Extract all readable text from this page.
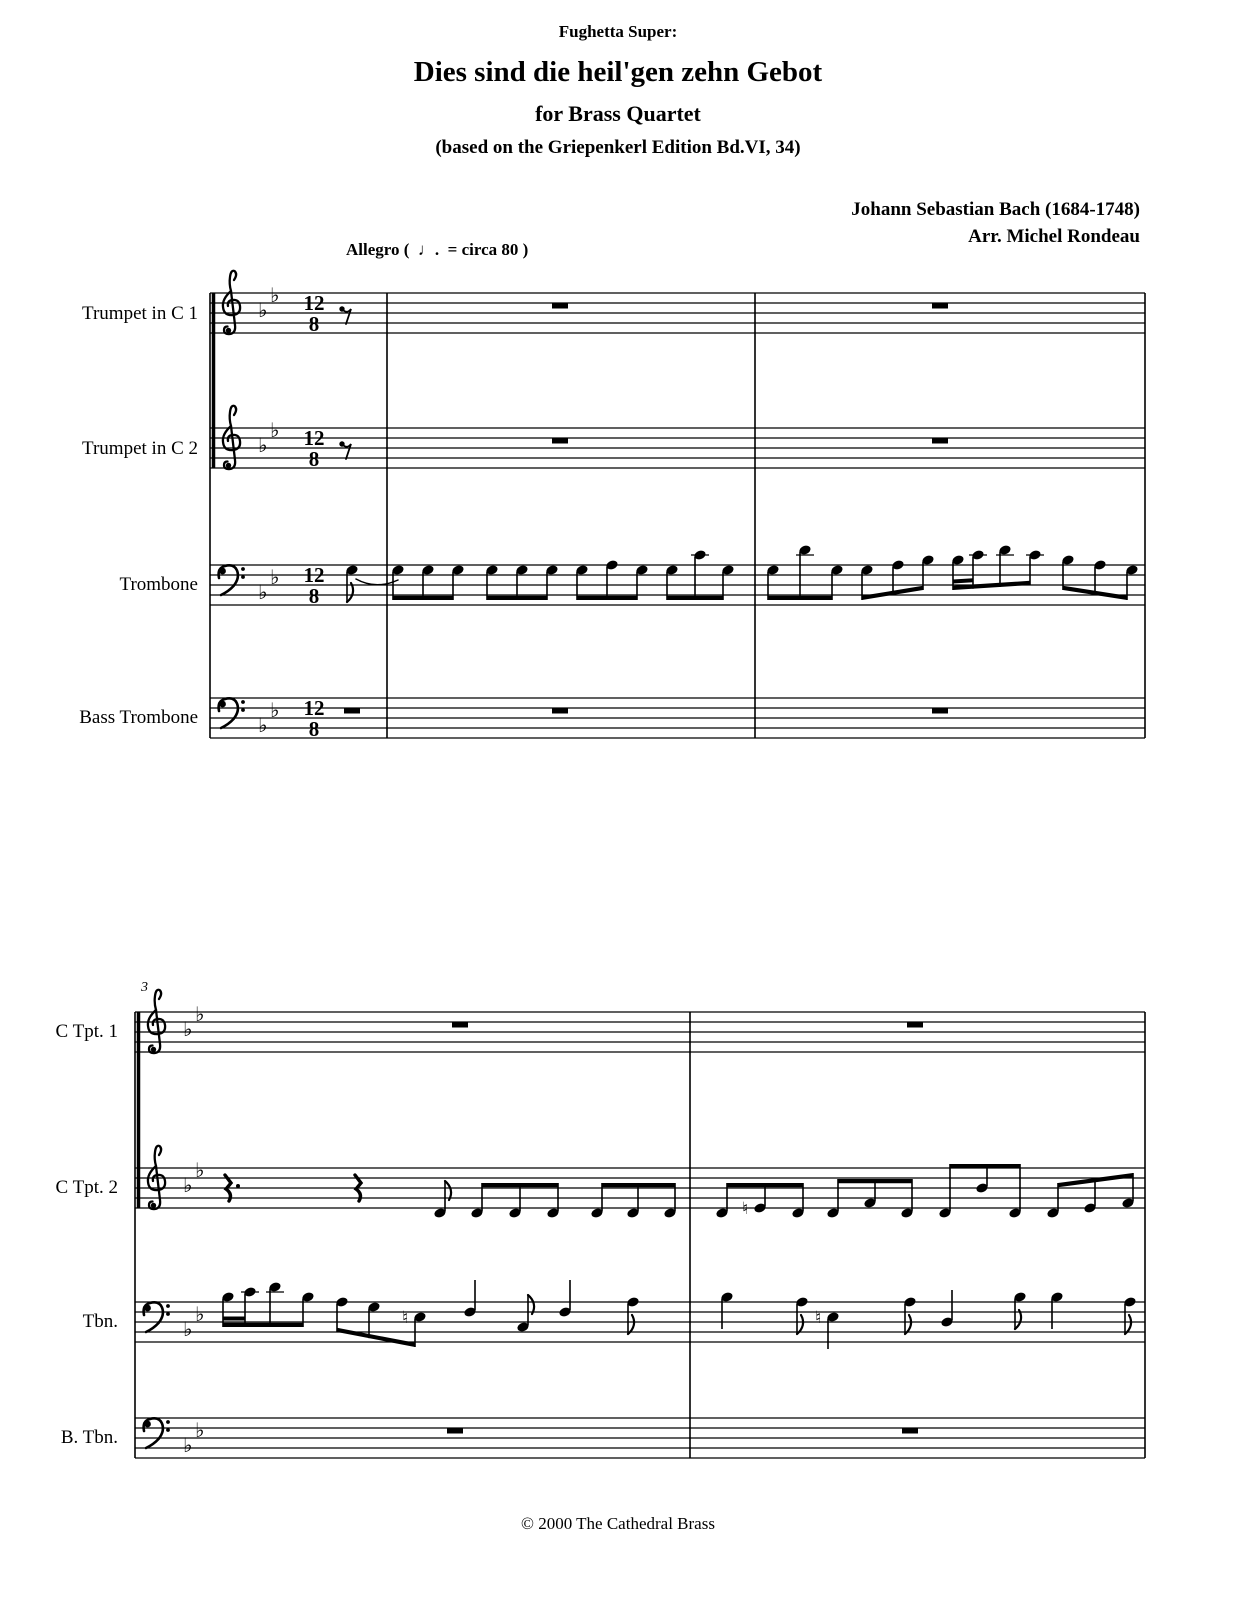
Fughetta Super:
Dies sind die heil'gen zehn Gebot
for Brass Quartet
(based on the Griepenkerl Edition Bd.VI, 34)
Johann Sebastian Bach (1684-1748)
Arr. Michel Rondeau
Allegro (  ♩.  = circa 80 )
3
Trumpet in C 1
Trumpet in C 2
Trombone
Bass Trombone
C Tpt. 1
C Tpt. 2
Tbn.
B. Tbn.
♭
♭ 12
8
♭
♭ 12
8
♭
♭ 12
8
♭
♭ 12
8
♭
♭
♭
♭
♮
♭
♭	♮	♮
♭
♭
© 2000 The Cathedral Brass
